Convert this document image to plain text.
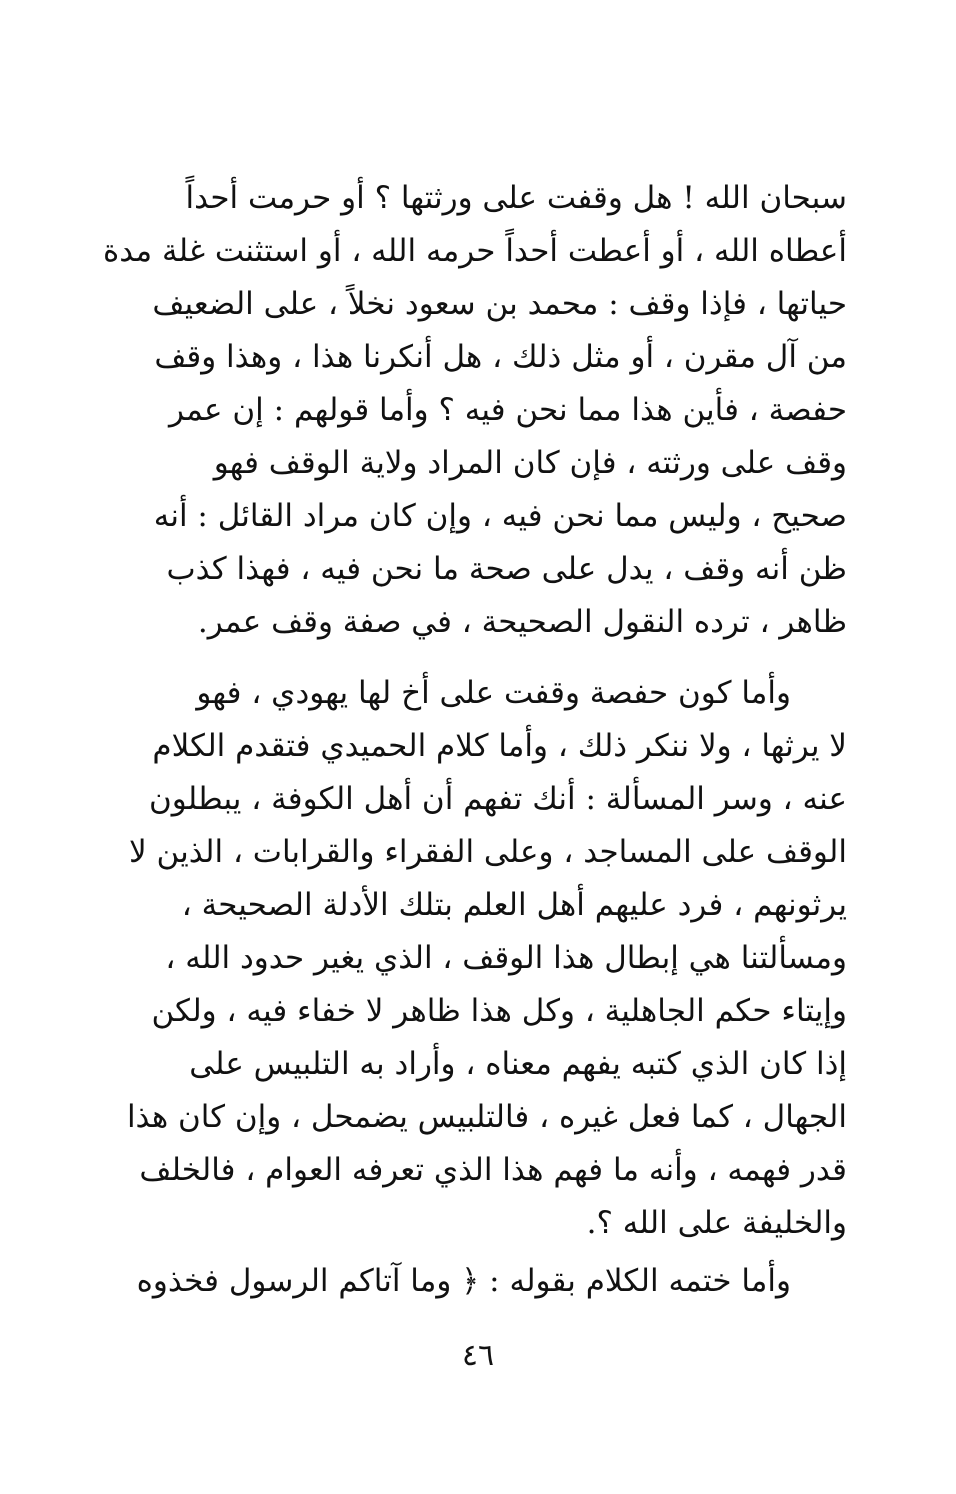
سبحان الله ! هل وقفت على ورثتها ؟ أو حرمت أحداً
أعطاه الله ، أو أعطت أحداً حرمه الله ، أو استثنت غلة مدة
حياتها ، فإذا وقف : محمد بن سعود نخلاً ، على الضعيف
من آل مقرن ، أو مثل ذلك ، هل أنكرنا هذا ، وهذا وقف
حفصة ، فأين هذا مما نحن فيه ؟ وأما قولهم : إن عمر
وقف على ورثته ، فإن كان المراد ولاية الوقف فهو
صحيح ، وليس مما نحن فيه ، وإن كان مراد القائل : أنه
ظن أنه وقف ، يدل على صحة ما نحن فيه ، فهذا كذب
ظاهر ، ترده النقول الصحيحة ، في صفة وقف عمر.
وأما كون حفصة وقفت على أخ لها يهودي ، فهو
لا يرثها ، ولا ننكر ذلك ، وأما كلام الحميدي فتقدم الكلام
عنه ، وسر المسألة : أنك تفهم أن أهل الكوفة ، يبطلون
الوقف على المساجد ، وعلى الفقراء والقرابات ، الذين لا
يرثونهم ، فرد عليهم أهل العلم بتلك الأدلة الصحيحة ،
ومسألتنا هي إبطال هذا الوقف ، الذي يغير حدود الله ،
وإيتاء حكم الجاهلية ، وكل هذا ظاهر لا خفاء فيه ، ولكن
إذا كان الذي كتبه يفهم معناه ، وأراد به التلبيس على
الجهال ، كما فعل غيره ، فالتلبيس يضمحل ، وإن كان هذا
قدر فهمه ، وأنه ما فهم هذا الذي تعرفه العوام ، فالخلف
والخليفة على الله ؟.
وأما ختمه الكلام بقوله : ﴿ وما آتاكم الرسول فخذوه
٤٦
